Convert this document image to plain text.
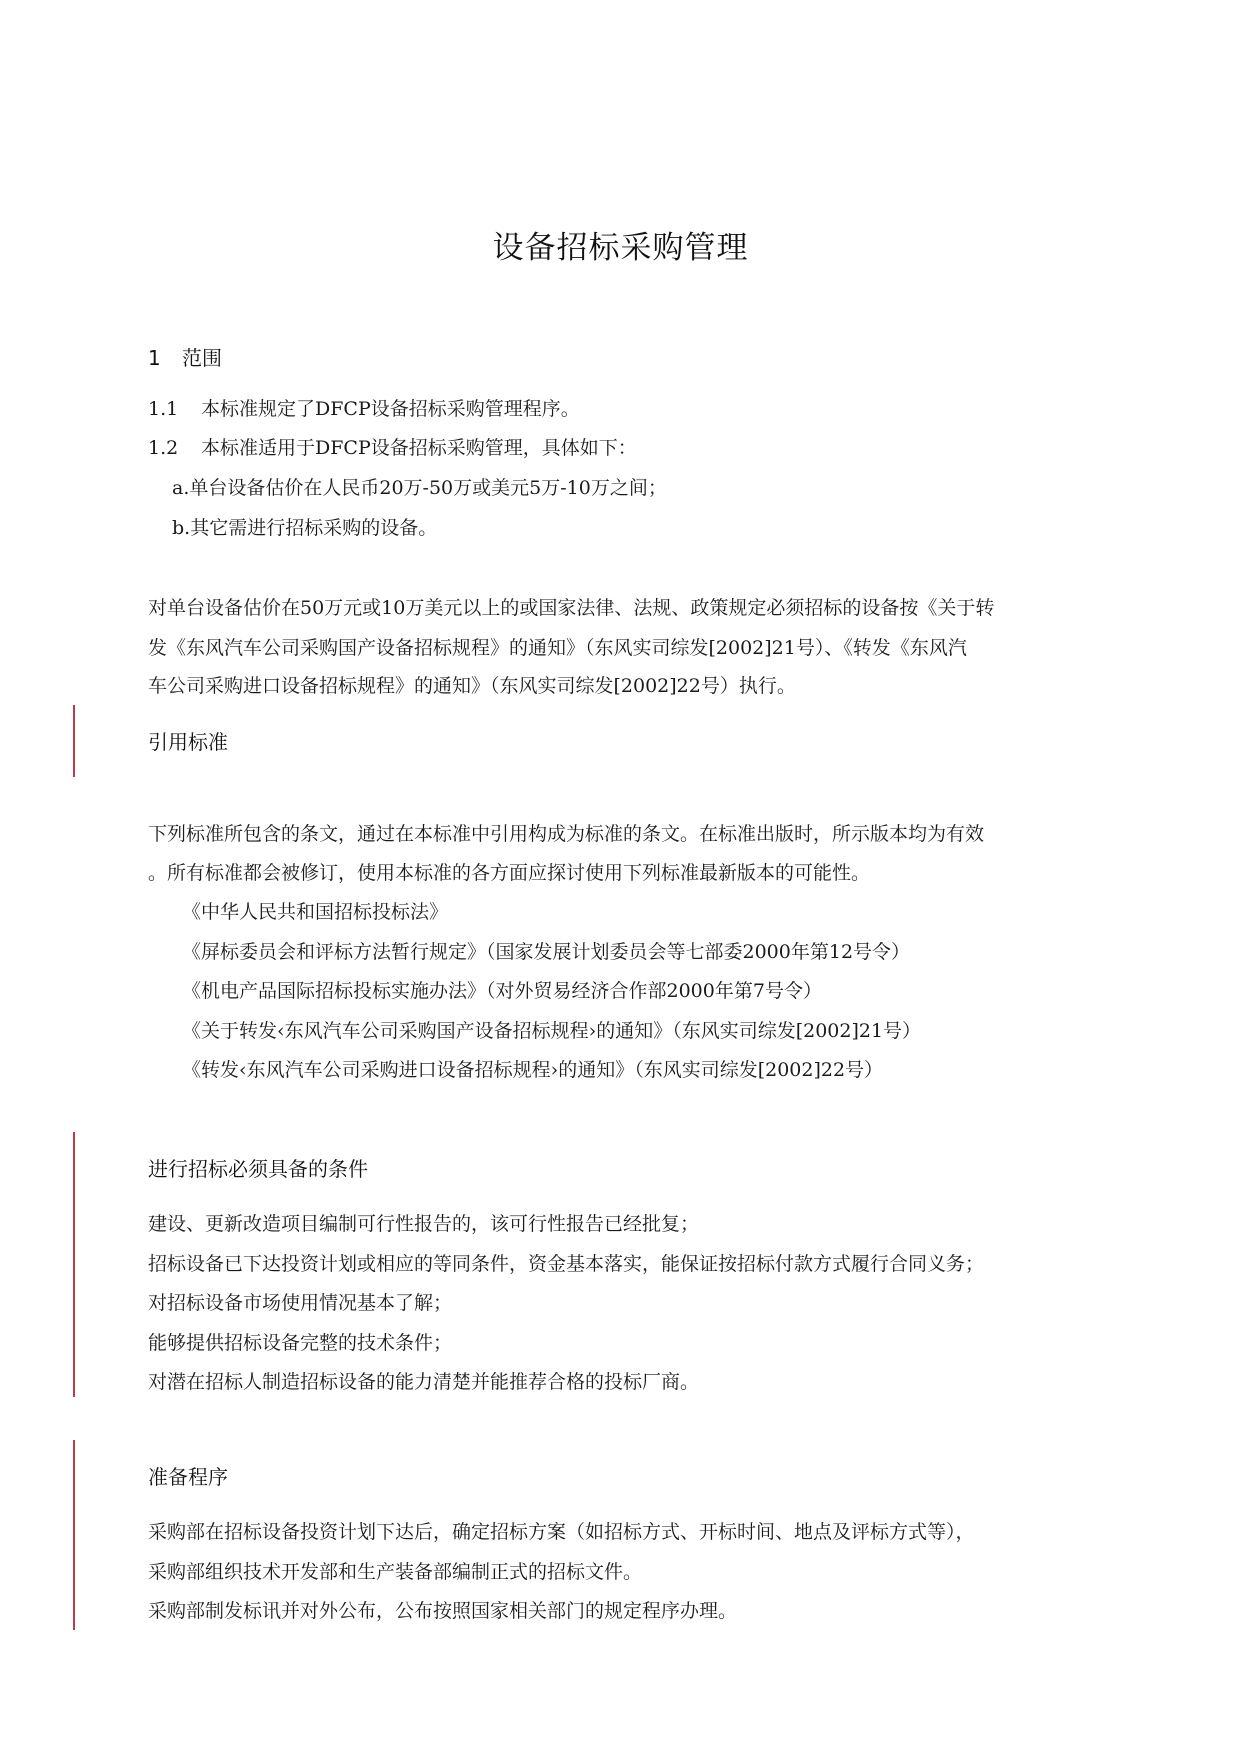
设备招标采购管理
1 范围
1.1 本标准规定了DFCP设备招标采购管理程序。
1.2 本标准适用于DFCP设备招标采购管理，具体如下：
a.单台设备估价在人民币20万-50万或美元5万-10万之间；
b.其它需进行招标采购的设备。
对单台设备估价在50万元或10万美元以上的或国家法律、法规、政策规定必须招标的设备按《关于转
发《东风汽车公司采购国产设备招标规程》的通知》（东风实司综发[2002]21号）、《转发《东风汽
车公司采购进口设备招标规程》的通知》（东风实司综发[2002]22号）执行。
引用标准
下列标准所包含的条文，通过在本标准中引用构成为标准的条文。在标准出版时，所示版本均为有效
。所有标准都会被修订，使用本标准的各方面应探讨使用下列标准最新版本的可能性。
《中华人民共和国招标投标法》
《屏标委员会和评标方法暂行规定》（国家发展计划委员会等七部委2000年第12号令）
《机电产品国际招标投标实施办法》（对外贸易经济合作部2000年第7号令）
《关于转发‹东风汽车公司采购国产设备招标规程›的通知》（东风实司综发[2002]21号）
《转发‹东风汽车公司采购进口设备招标规程›的通知》（东风实司综发[2002]22号）
进行招标必须具备的条件
建设、更新改造项目编制可行性报告的，该可行性报告已经批复；
招标设备已下达投资计划或相应的等同条件，资金基本落实，能保证按招标付款方式履行合同义务；
对招标设备市场使用情况基本了解；
能够提供招标设备完整的技术条件；
对潜在招标人制造招标设备的能力清楚并能推荐合格的投标厂商。
准备程序
采购部在招标设备投资计划下达后，确定招标方案（如招标方式、开标时间、地点及评标方式等），
采购部组织技术开发部和生产装备部编制正式的招标文件。
采购部制发标讯并对外公布，公布按照国家相关部门的规定程序办理。
